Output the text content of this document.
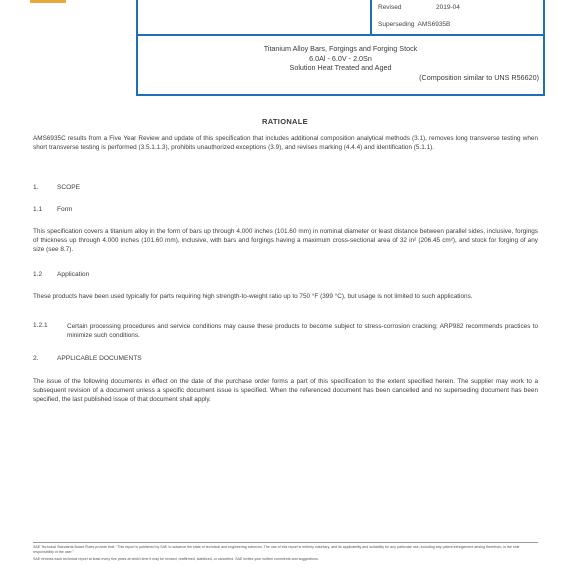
Revised	2019-04
Superseding AMS6935B
Titanium Alloy Bars, Forgings and Forging Stock
6.0Al - 6.0V - 2.0Sn
Solution Heat Treated and Aged
(Composition similar to UNS R56620)
RATIONALE
AMS6935C results from a Five Year Review and update of this specification that includes additional composition analytical methods (3.1), removes long transverse testing when short transverse testing is performed (3.5.1.1.3), prohibits unauthorized exceptions (3.9), and revises marking (4.4.4) and identification (5.1.1).
1.	SCOPE
1.1 Form
This specification covers a titanium alloy in the form of bars up through 4.000 inches (101.60 mm) in nominal diameter or least distance between parallel sides, inclusive, forgings of thickness up through 4.000 inches (101.60 mm), inclusive, with bars and forgings having a maximum cross-sectional area of 32 in² (206.45 cm²), and stock for forging of any size (see 8.7).
1.2 Application
These products have been used typically for parts requiring high strength-to-weight ratio up to 750 °F (399 °C), but usage is not limited to such applications.
1.2.1	Certain processing procedures and service conditions may cause these products to become subject to stress-corrosion cracking; ARP982 recommends practices to minimize such conditions.
2.	APPLICABLE DOCUMENTS
The issue of the following documents in effect on the date of the purchase order forms a part of this specification to the extent specified herein. The supplier may work to a subsequent revision of a document unless a specific document issue is specified. When the referenced document has been cancelled and no superseding document has been specified, the last published issue of that document shall apply.
SAE Technical Standards Board Rules provide that: "This report is published by SAE to advance the state of technical and engineering sciences. The use of this report is entirely voluntary, and its applicability and suitability for any particular use, including any patent infringement arising therefrom, is the sole responsibility of the user."
SAE reviews each technical report at least every five years at which time it may be revised, reaffirmed, stabilized, or cancelled. SAE invites your written comments and suggestions.
